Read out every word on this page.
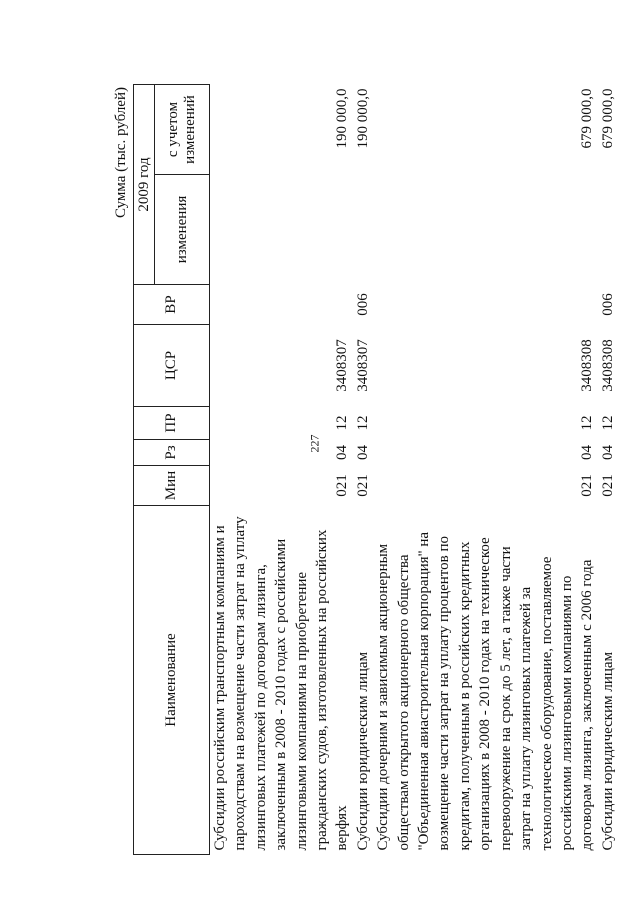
227
Сумма (тыс. рублей)
Наименование	Мин	Рз	ПР	ЦСР	ВР	2009 год	
						изменения	с учетом изменений
Субсидии российским транспортным компаниям и пароходствам на возмещение части затрат на уплату лизинговых платежей по договорам лизинга, заключенным в 2008 - 2010 годах с российскими лизинговыми компаниями на приобретение гражданских судов, изготовленных на российских верфях	021	04	12	3408307			190 000,0
Субсидии юридическим лицам	021	04	12	3408307	006		190 000,0
Субсидии дочерним и зависимым акционерным обществам открытого акционерного общества "Объединенная авиастроительная корпорация" на возмещение части затрат на уплату процентов по кредитам, полученным в российских кредитных организациях в 2008 - 2010 годах на техническое перевооружение на срок до 5 лет, а также части затрат на уплату лизинговых платежей за технологическое оборудование, поставляемое российскими лизинговыми компаниями по договорам лизинга, заключенным с 2006 года	021	04	12	3408308			679 000,0
Субсидии юридическим лицам	021	04	12	3408308	006		679 000,0
